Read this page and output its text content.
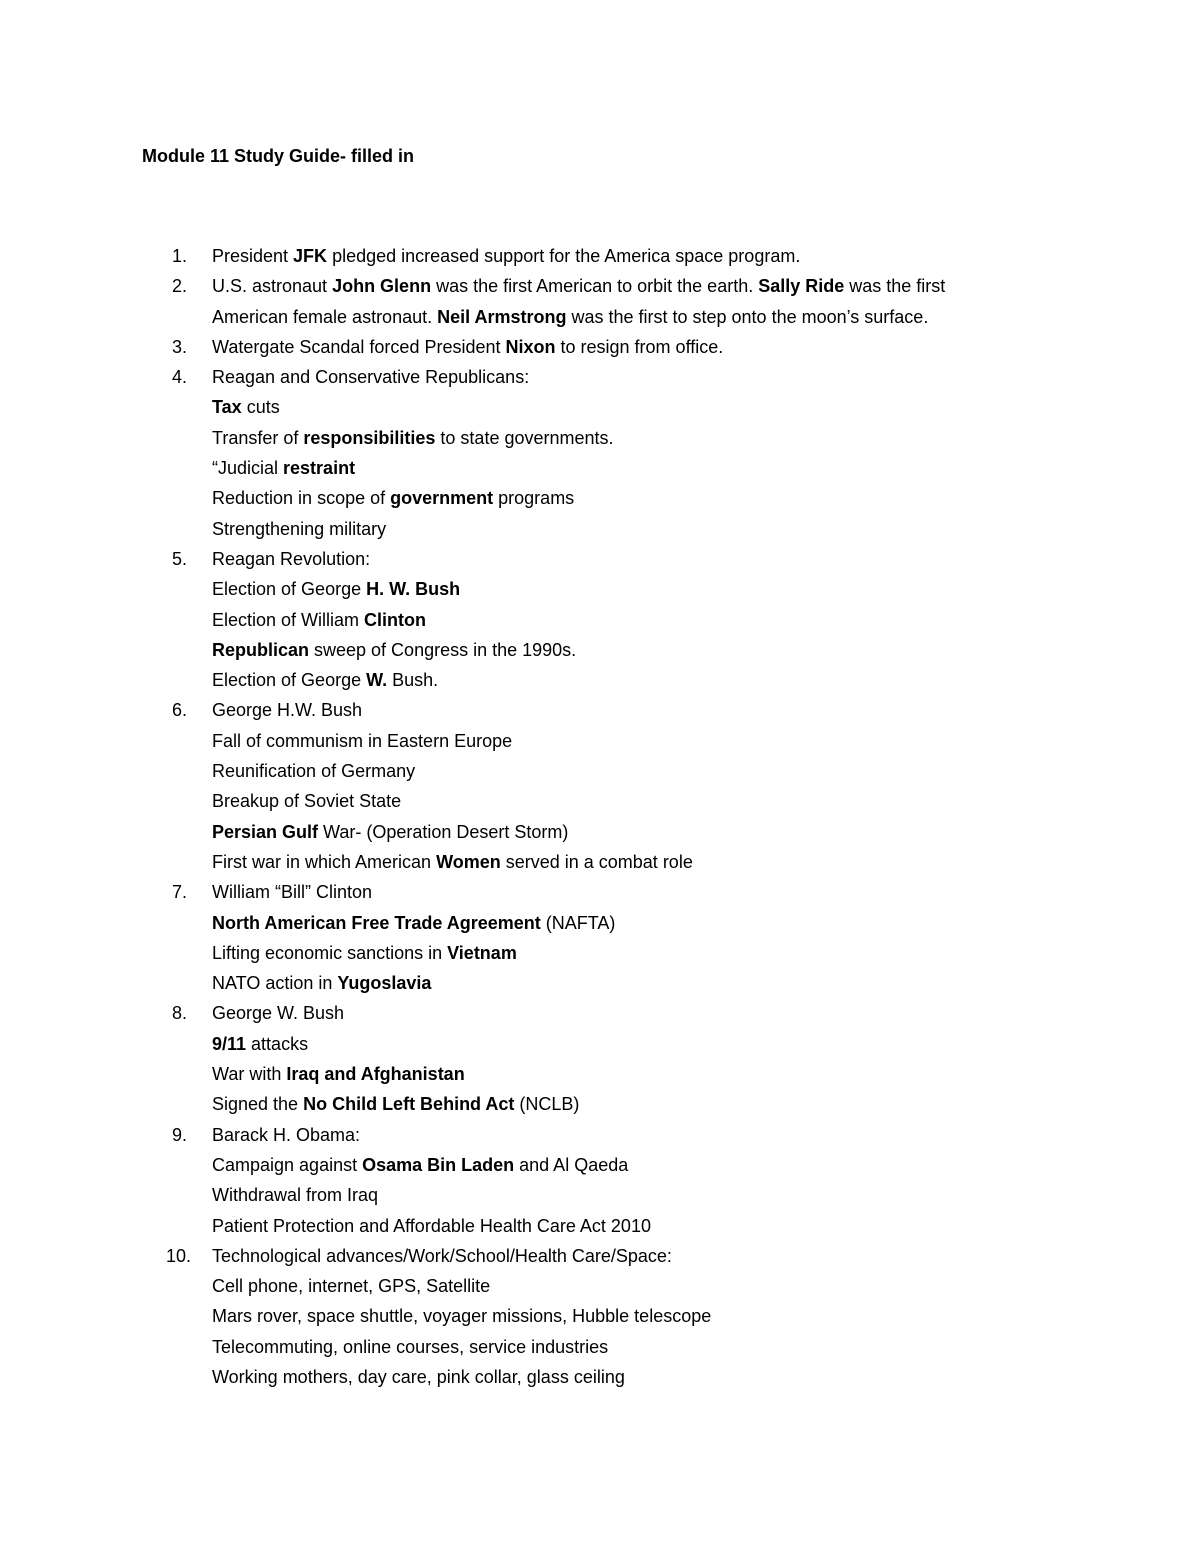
Module 11 Study Guide- filled in
1. President JFK pledged increased support for the America space program.
2. U.S. astronaut John Glenn was the first American to orbit the earth. Sally Ride was the first
American female astronaut. Neil Armstrong was the first to step onto the moon’s surface.
3. Watergate Scandal forced President Nixon to resign from office.
4. Reagan and Conservative Republicans:
Tax cuts
Transfer of responsibilities to state governments.
“Judicial restraint
Reduction in scope of government programs
Strengthening military
5. Reagan Revolution:
Election of George H. W. Bush
Election of William Clinton
Republican sweep of Congress in the 1990s.
Election of George W. Bush.
6. George H.W. Bush
Fall of communism in Eastern Europe
Reunification of Germany
Breakup of Soviet State
Persian Gulf War- (Operation Desert Storm)
First war in which American Women served in a combat role
7. William “Bill” Clinton
North American Free Trade Agreement (NAFTA)
Lifting economic sanctions in Vietnam
NATO action in Yugoslavia
8. George W. Bush
9/11 attacks
War with Iraq and Afghanistan
Signed the No Child Left Behind Act (NCLB)
9. Barack H. Obama:
Campaign against Osama Bin Laden and Al Qaeda
Withdrawal from Iraq
Patient Protection and Affordable Health Care Act 2010
10. Technological advances/Work/School/Health Care/Space:
Cell phone, internet, GPS, Satellite
Mars rover, space shuttle, voyager missions, Hubble telescope
Telecommuting, online courses, service industries
Working mothers, day care, pink collar, glass ceiling
